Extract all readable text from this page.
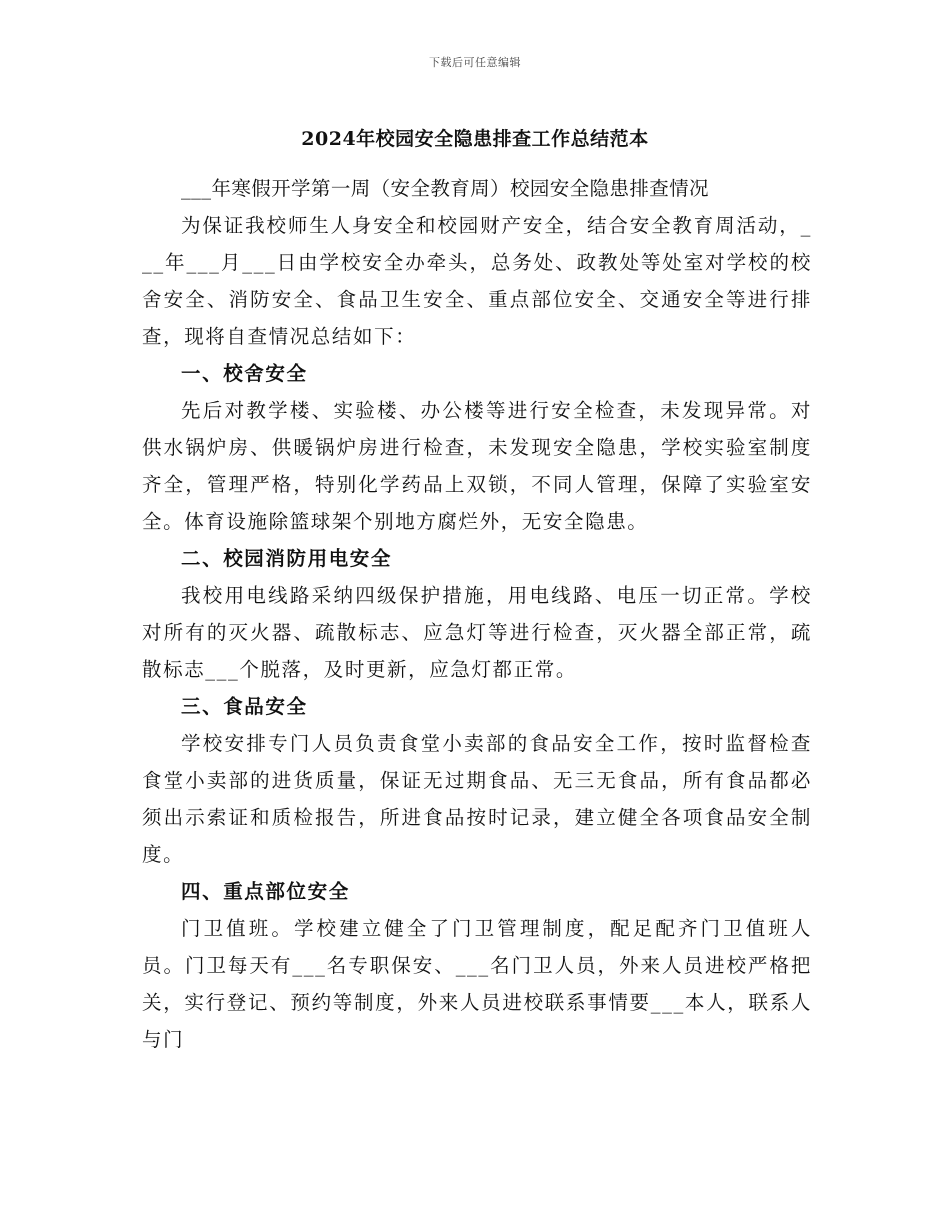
下载后可任意编辑
2024年校园安全隐患排查工作总结范本

___年寒假开学第一周（安全教育周）校园安全隐患排查情况

为保证我校师生人身安全和校园财产安全，结合安全教育周活动，___年___月___日由学校安全办牵头，总务处、政教处等处室对学校的校舍安全、消防安全、食品卫生安全、重点部位安全、交通安全等进行排查，现将自查情况总结如下：

一、校舍安全

先后对教学楼、实验楼、办公楼等进行安全检查，未发现异常。对供水锅炉房、供暖锅炉房进行检查，未发现安全隐患，学校实验室制度齐全，管理严格，特别化学药品上双锁，不同人管理，保障了实验室安全。体育设施除篮球架个别地方腐烂外，无安全隐患。

二、校园消防用电安全

我校用电线路采纳四级保护措施，用电线路、电压一切正常。学校对所有的灭火器、疏散标志、应急灯等进行检查，灭火器全部正常，疏散标志___个脱落，及时更新，应急灯都正常。

三、食品安全

学校安排专门人员负责食堂小卖部的食品安全工作，按时监督检查食堂小卖部的进货质量，保证无过期食品、无三无食品，所有食品都必须出示索证和质检报告，所进食品按时记录，建立健全各项食品安全制度。

四、重点部位安全

门卫值班。学校建立健全了门卫管理制度，配足配齐门卫值班人员。门卫每天有___名专职保安、___名门卫人员，外来人员进校严格把关，实行登记、预约等制度，外来人员进校联系事情要___本人，联系人与门
